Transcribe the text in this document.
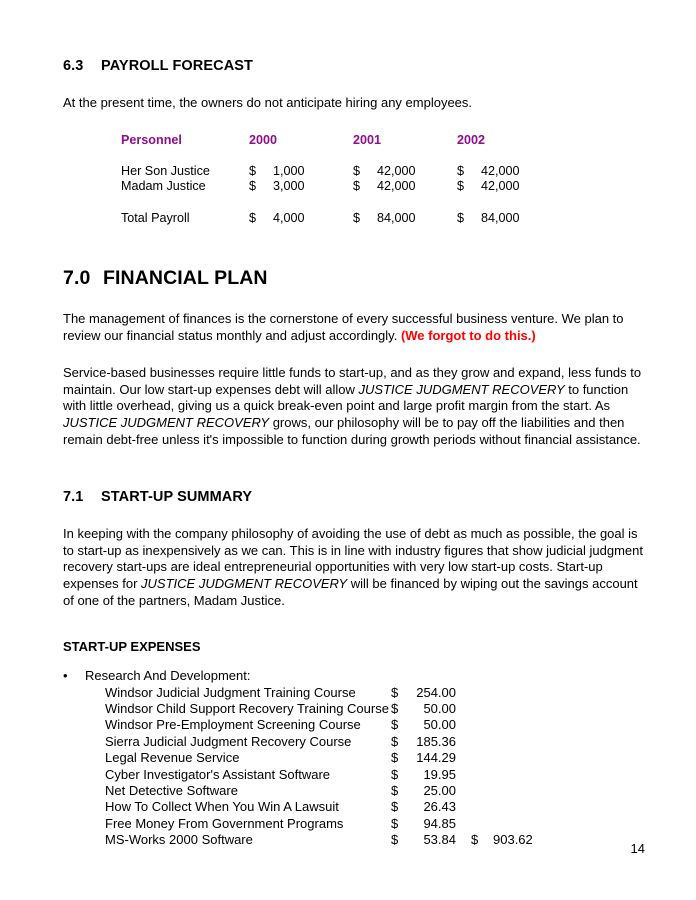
6.3 PAYROLL FORECAST

At the present time, the owners do not anticipate hiring any employees.

Personnel	2000	2001	2002
Her Son Justice	$ 1,000	$ 42,000	$ 42,000
Madam Justice	$ 3,000	$ 42,000	$ 42,000

Total Payroll	$ 4,000	$ 84,000	$ 84,000
7.0 FINANCIAL PLAN

The management of finances is the cornerstone of every successful business venture. We plan to review our financial status monthly and adjust accordingly. (We forgot to do this.)

Service-based businesses require little funds to start-up, and as they grow and expand, less funds to maintain. Our low start-up expenses debt will allow JUSTICE JUDGMENT RECOVERY to function with little overhead, giving us a quick break-even point and large profit margin from the start. As JUSTICE JUDGMENT RECOVERY grows, our philosophy will be to pay off the liabilities and then remain debt-free unless it's impossible to function during growth periods without financial assistance.

7.1 START-UP SUMMARY

In keeping with the company philosophy of avoiding the use of debt as much as possible, the goal is to start-up as inexpensively as we can. This is in line with industry figures that show judicial judgment recovery start-ups are ideal entrepreneurial opportunities with very low start-up costs. Start-up expenses for JUSTICE JUDGMENT RECOVERY will be financed by wiping out the savings account of one of the partners, Madam Justice.

START-UP EXPENSES
• Research And Development:
Windsor Judicial Judgment Training Course	$ 254.00	
Windsor Child Support Recovery Training Course	$ 50.00	
Windsor Pre-Employment Screening Course	$ 50.00	
Sierra Judicial Judgment Recovery Course	$ 185.36	
Legal Revenue Service	$ 144.29	
Cyber Investigator's Assistant Software	$ 19.95	
Net Detective Software	$ 25.00	
How To Collect When You Win A Lawsuit	$ 26.43	
Free Money From Government Programs	$ 94.85	
MS-Works 2000 Software	$ 53.84	$ 903.62
14
